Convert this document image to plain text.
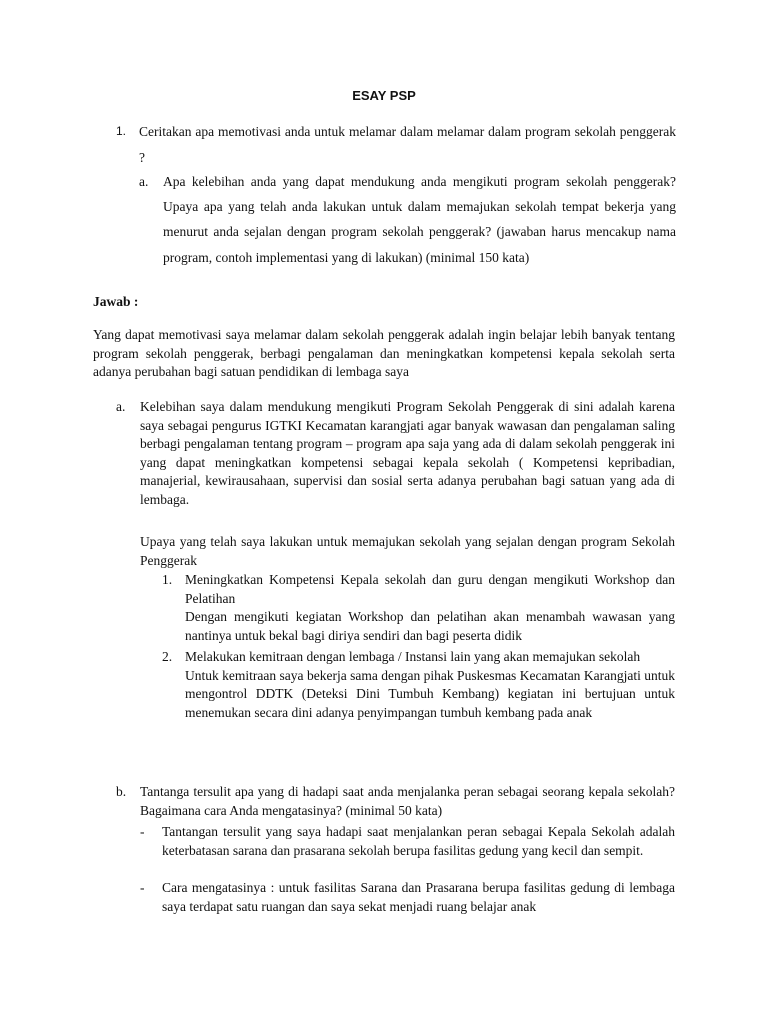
ESAY PSP
1. Ceritakan apa memotivasi anda untuk melamar dalam melamar dalam program sekolah penggerak ?

a. Apa kelebihan anda yang dapat mendukung anda mengikuti program sekolah penggerak? Upaya apa yang telah anda lakukan untuk dalam memajukan sekolah tempat bekerja yang menurut anda sejalan dengan program sekolah penggerak? (jawaban harus mencakup nama program, contoh implementasi yang di lakukan) (minimal 150 kata)

Jawab :

Yang dapat memotivasi saya melamar dalam sekolah penggerak adalah ingin belajar lebih banyak tentang program sekolah penggerak, berbagi pengalaman dan meningkatkan kompetensi kepala sekolah serta adanya perubahan bagi satuan pendidikan di lembaga saya

a. Kelebihan saya dalam mendukung mengikuti Program Sekolah Penggerak di sini adalah karena saya sebagai pengurus IGTKI Kecamatan karangjati agar banyak wawasan dan pengalaman saling berbagi pengalaman tentang program – program apa saja yang ada di dalam sekolah penggerak ini yang dapat meningkatkan kompetensi sebagai kepala sekolah ( Kompetensi kepribadian, manajerial, kewirausahaan, supervisi dan sosial serta adanya perubahan bagi satuan yang ada di lembaga.

Upaya yang telah saya lakukan untuk memajukan sekolah yang sejalan dengan program Sekolah Penggerak

1. Meningkatkan Kompetensi Kepala sekolah dan guru dengan mengikuti Workshop dan Pelatihan

Dengan mengikuti kegiatan Workshop dan pelatihan akan menambah wawasan yang nantinya untuk bekal bagi diriya sendiri dan bagi peserta didik

2. Melakukan kemitraan dengan lembaga / Instansi lain yang akan memajukan sekolah

Untuk kemitraan saya bekerja sama dengan pihak Puskesmas Kecamatan Karangjati untuk mengontrol DDTK (Deteksi Dini Tumbuh Kembang) kegiatan ini bertujuan untuk menemukan secara dini adanya penyimpangan tumbuh kembang pada anak

b. Tantanga tersulit apa yang di hadapi saat anda menjalanka peran sebagai seorang kepala sekolah? Bagaimana cara Anda mengatasinya? (minimal 50 kata)

- Tantangan tersulit yang saya hadapi saat menjalankan peran sebagai Kepala Sekolah adalah keterbatasan sarana dan prasarana sekolah berupa fasilitas gedung yang kecil dan sempit.

- Cara mengatasinya : untuk fasilitas Sarana dan Prasarana berupa fasilitas gedung di lembaga saya terdapat satu ruangan dan saya sekat menjadi ruang belajar anak
